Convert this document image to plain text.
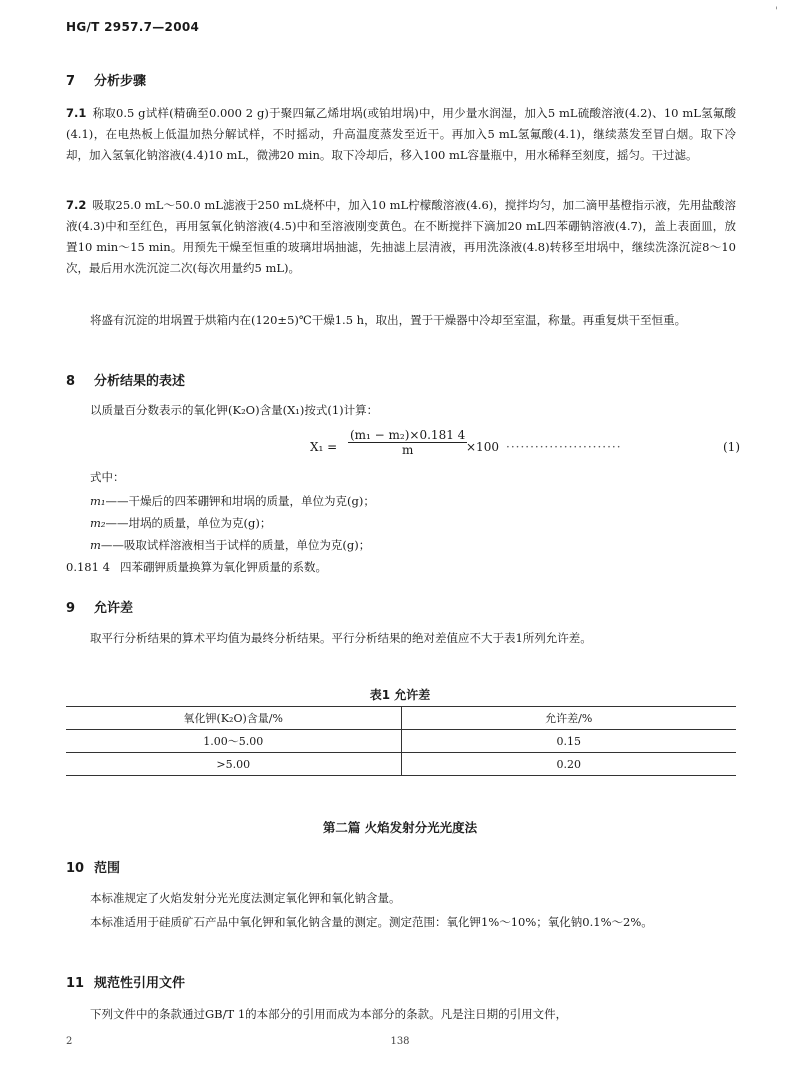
HG/T 2957.7—2004
'
7 分析步骤
7.1 称取0.5 g试样(精确至0.000 2 g)于聚四氟乙烯坩埚(或铂坩埚)中，用少量水润湿，加入5 mL硫酸溶液(4.2)、10 mL氢氟酸(4.1)，在电热板上低温加热分解试样，不时摇动，升高温度蒸发至近干。再加入5 mL氢氟酸(4.1)，继续蒸发至冒白烟。取下冷却，加入氢氧化钠溶液(4.4)10 mL，微沸20 min。取下冷却后，移入100 mL容量瓶中，用水稀释至刻度，摇匀。干过滤。
7.2 吸取25.0 mL～50.0 mL滤液于250 mL烧杯中，加入10 mL柠檬酸溶液(4.6)，搅拌均匀，加二滴甲基橙指示液，先用盐酸溶液(4.3)中和至红色，再用氢氧化钠溶液(4.5)中和至溶液刚变黄色。在不断搅拌下滴加20 mL四苯硼钠溶液(4.7)，盖上表面皿，放置10 min～15 min。用预先干燥至恒重的玻璃坩埚抽滤，先抽滤上层清液，再用洗涤液(4.8)转移至坩埚中，继续洗涤沉淀8～10次，最后用水洗沉淀二次(每次用量约5 mL)。
将盛有沉淀的坩埚置于烘箱内在(120±5)℃干燥1.5 h，取出，置于干燥器中冷却至室温，称量。再重复烘干至恒重。
8 分析结果的表述
以质量百分数表示的氧化钾(K₂O)含量(X₁)按式(1)计算：
$X_1 = \frac{\text{(m₁ − m₂)×0.181 4}}{m}$
×100 ························	(1)
式中：
m₁——干燥后的四苯硼钾和坩埚的质量，单位为克(g)；
m₂——坩埚的质量，单位为克(g)；
m——吸取试样溶液相当于试样的质量，单位为克(g)；
0.181 4 四苯硼钾质量换算为氧化钾质量的系数。
9 允许差
取平行分析结果的算术平均值为最终分析结果。平行分析结果的绝对差值应不大于表1所列允许差。
表1 允许差
氧化钾(K₂O)含量/%	允许差/%
1.00～5.00	0.15
>5.00	0.20
第二篇 火焰发射分光光度法
10 范围
本标准规定了火焰发射分光光度法测定氧化钾和氧化钠含量。
本标准适用于硅质矿石产品中氧化钾和氧化钠含量的测定。测定范围：氧化钾1%～10%；氧化钠0.1%～2%。
11 规范性引用文件
下列文件中的条款通过GB/T 1的本部分的引用而成为本部分的条款。凡是注日期的引用文件，
2	138
